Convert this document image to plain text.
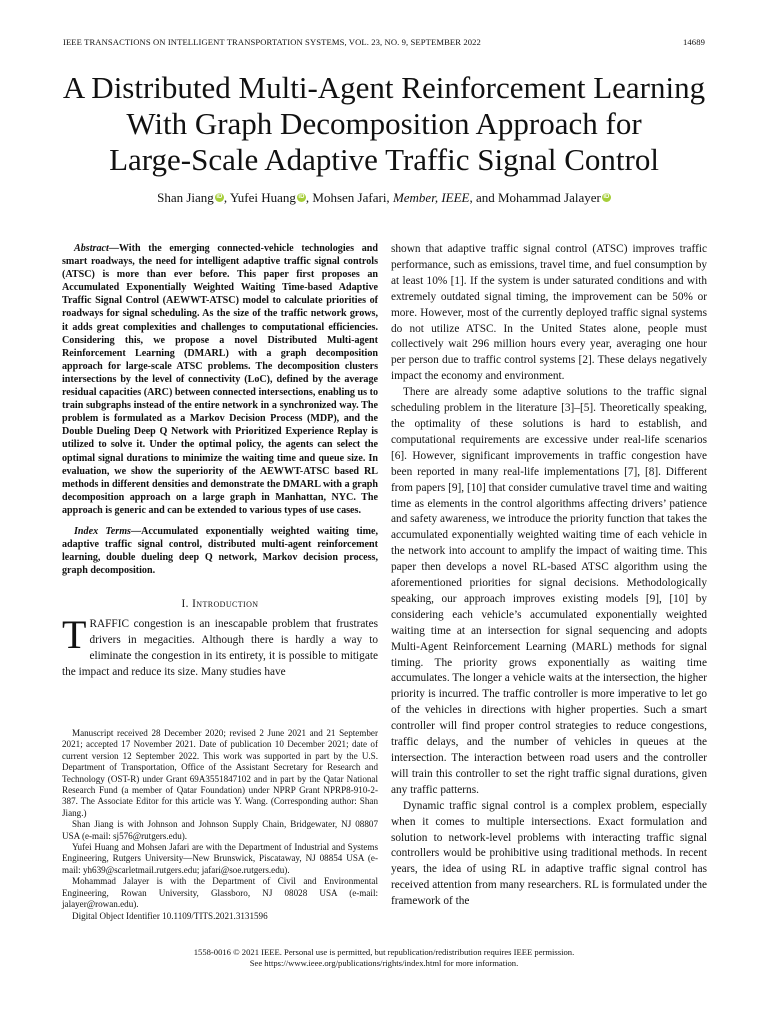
IEEE TRANSACTIONS ON INTELLIGENT TRANSPORTATION SYSTEMS, VOL. 23, NO. 9, SEPTEMBER 2022	14689
A Distributed Multi-Agent Reinforcement Learning
With Graph Decomposition Approach for
Large-Scale Adaptive Traffic Signal Control
Shan Jiang iD , Yufei Huang iD , Mohsen Jafari, Member, IEEE, and Mohammad Jalayer iD

Abstract—With the emerging connected-vehicle technologies and smart roadways, the need for intelligent adaptive traffic signal controls (ATSC) is more than ever before. This paper first proposes an Accumulated Exponentially Weighted Waiting Time-based Adaptive Traffic Signal Control (AEWWT-ATSC) model to calculate priorities of roadways for signal scheduling. As the size of the traffic network grows, it adds great complexities and challenges to computational efficiencies. Considering this, we propose a novel Distributed Multi-agent Reinforcement Learning (DMARL) with a graph decomposition approach for large-scale ATSC problems. The decomposition clusters intersections by the level of connectivity (LoC), defined by the average residual capacities (ARC) between connected intersections, enabling us to train subgraphs instead of the entire network in a synchronized way. The problem is formulated as a Markov Decision Process (MDP), and the Double Dueling Deep Q Network with Prioritized Experience Replay is utilized to solve it. Under the optimal policy, the agents can select the optimal signal durations to minimize the waiting time and queue size. In evaluation, we show the superiority of the AEWWT-ATSC based RL methods in different densities and demonstrate the DMARL with a graph decomposition approach on a large graph in Manhattan, NYC. The approach is generic and can be extended to various types of use cases.

Index Terms—Accumulated exponentially weighted waiting time, adaptive traffic signal control, distributed multi-agent reinforcement learning, double dueling deep Q network, Markov decision process, graph decomposition.

I. Introduction

TRAFFIC congestion is an inescapable problem that frustrates drivers in megacities. Although there is hardly a way to eliminate the congestion in its entirety, it is possible to mitigate the impact and reduce its size. Many studies have

Manuscript received 28 December 2020; revised 2 June 2021 and 21 September 2021; accepted 17 November 2021. Date of publication 10 December 2021; date of current version 12 September 2022. This work was supported in part by the U.S. Department of Transportation, Office of the Assistant Secretary for Research and Technology (OST-R) under Grant 69A3551847102 and in part by the Qatar National Research Fund (a member of Qatar Foundation) under NPRP Grant NPRP8-910-2-387. The Associate Editor for this article was Y. Wang. (Corresponding author: Shan Jiang.)

Shan Jiang is with Johnson and Johnson Supply Chain, Bridgewater, NJ 08807 USA (e-mail: sj576@rutgers.edu).

Yufei Huang and Mohsen Jafari are with the Department of Industrial and Systems Engineering, Rutgers University—New Brunswick, Piscataway, NJ 08854 USA (e-mail: yh639@scarletmail.rutgers.edu; jafari@soe.rutgers.edu).

Mohammad Jalayer is with the Department of Civil and Environmental Engineering, Rowan University, Glassboro, NJ 08028 USA (e-mail: jalayer@rowan.edu).

Digital Object Identifier 10.1109/TITS.2021.3131596

shown that adaptive traffic signal control (ATSC) improves traffic performance, such as emissions, travel time, and fuel consumption by at least 10% [1]. If the system is under saturated conditions and with extremely outdated signal timing, the improvement can be 50% or more. However, most of the currently deployed traffic signal systems do not utilize ATSC. In the United States alone, people must collectively wait 296 million hours every year, averaging one hour per person due to traffic control systems [2]. These delays negatively impact the economy and environment.

There are already some adaptive solutions to the traffic signal scheduling problem in the literature [3]–[5]. Theoretically speaking, the optimality of these solutions is hard to establish, and computational requirements are excessive under real-life scenarios [6]. However, significant improvements in traffic congestion have been reported in many real-life implementations [7], [8]. Different from papers [9], [10] that consider cumulative travel time and waiting time as elements in the control algorithms affecting drivers’ patience and safety awareness, we introduce the priority function that takes the accumulated exponentially weighted waiting time of each vehicle in the network into account to amplify the impact of waiting time. This paper then develops a novel RL-based ATSC algorithm using the aforementioned priorities for signal decisions. Methodologically speaking, our approach improves existing models [9], [10] by considering each vehicle’s accumulated exponentially weighted waiting time at an intersection for signal sequencing and adopts Multi-Agent Reinforcement Learning (MARL) methods for signal timing. The priority grows exponentially as waiting time accumulates. The longer a vehicle waits at the intersection, the higher priority is incurred. The traffic controller is more imperative to let go of the vehicles in directions with higher properties. Such a smart controller will find proper control strategies to reduce congestions, traffic delays, and the number of vehicles in queues at the intersection. The interaction between road users and the controller will train this controller to set the right traffic signal durations, given any traffic patterns.

Dynamic traffic signal control is a complex problem, especially when it comes to multiple intersections. Exact formulation and solution to network-level problems with interacting traffic signal controllers would be prohibitive using traditional methods. In recent years, the idea of using RL in adaptive traffic signal control has received attention from many researchers. RL is formulated under the framework of the

1558-0016 © 2021 IEEE. Personal use is permitted, but republication/redistribution requires IEEE permission.
See https://www.ieee.org/publications/rights/index.html for more information.
